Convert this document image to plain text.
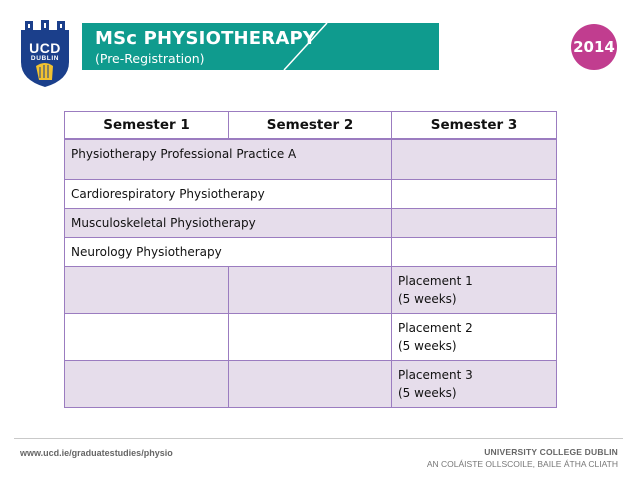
UCD
DUBLIN
MSc PHYSIOTHERAPY
(Pre-Registration)
2014
Semester 1	Semester 2	Semester 3
Physiotherapy Professional Practice A		
Cardiorespiratory Physiotherapy		
Musculoskeletal Physiotherapy		
Neurology Physiotherapy		

		Placement 1
(5 weeks)

		Placement 2
(5 weeks)

		Placement 3
(5 weeks)
www.ucd.ie/graduatestudies/physio	UNIVERSITY COLLEGE DUBLIN
AN COLÁISTE OLLSCOILE, BAILE ÁTHA CLIATH
